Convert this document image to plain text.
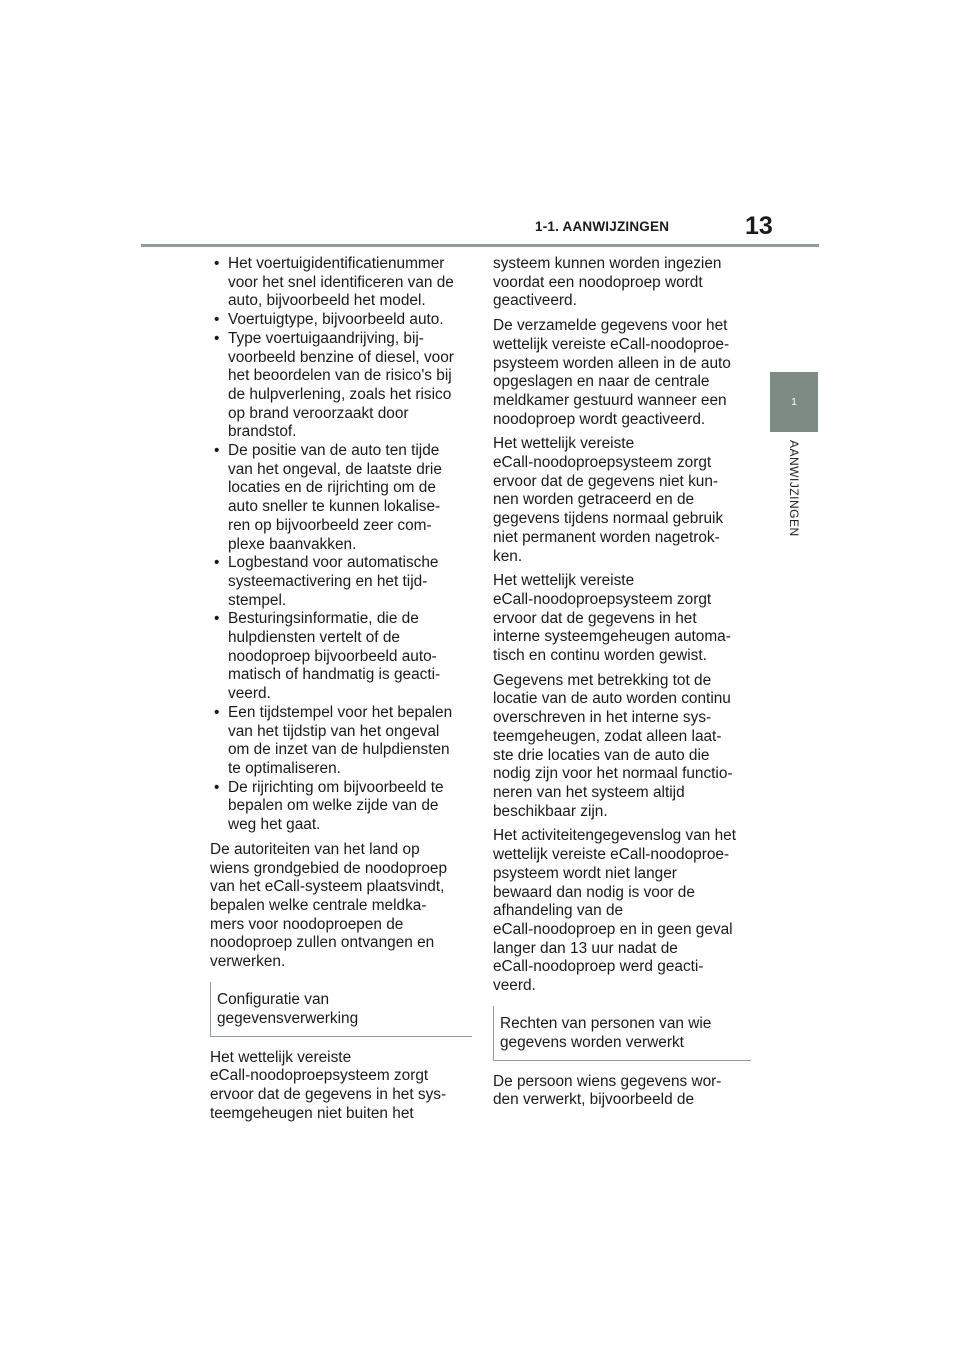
1-1. AANWIJZINGEN	13
1
AANWIJZINGEN
• Het voertuigidentificatienummer
voor het snel identificeren van de
auto, bijvoorbeeld het model.
• Voertuigtype, bijvoorbeeld auto.
• Type voertuigaandrijving, bij-
voorbeeld benzine of diesel, voor
het beoordelen van de risico's bij
de hulpverlening, zoals het risico
op brand veroorzaakt door
brandstof.
• De positie van de auto ten tijde
van het ongeval, de laatste drie
locaties en de rijrichting om de
auto sneller te kunnen lokalise-
ren op bijvoorbeeld zeer com-
plexe baanvakken.
• Logbestand voor automatische
systeemactivering en het tijd-
stempel.
• Besturingsinformatie, die de
hulpdiensten vertelt of de
noodoproep bijvoorbeeld auto-
matisch of handmatig is geacti-
veerd.
• Een tijdstempel voor het bepalen
van het tijdstip van het ongeval
om de inzet van de hulpdiensten
te optimaliseren.
• De rijrichting om bijvoorbeeld te
bepalen om welke zijde van de
weg het gaat.

De autoriteiten van het land op
wiens grondgebied de noodoproep
van het eCall-systeem plaatsvindt,
bepalen welke centrale meldka-
mers voor noodoproepen de
noodoproep zullen ontvangen en
verwerken.

Configuratie van
gegevensverwerking

Het wettelijk vereiste
eCall-noodoproepsysteem zorgt
ervoor dat de gegevens in het sys-
teemgeheugen niet buiten het

systeem kunnen worden ingezien
voordat een noodoproep wordt
geactiveerd.

De verzamelde gegevens voor het
wettelijk vereiste eCall-noodoproe-
psysteem worden alleen in de auto
opgeslagen en naar de centrale
meldkamer gestuurd wanneer een
noodoproep wordt geactiveerd.

Het wettelijk vereiste
eCall-noodoproepsysteem zorgt
ervoor dat de gegevens niet kun-
nen worden getraceerd en de
gegevens tijdens normaal gebruik
niet permanent worden nagetrok-
ken.

Het wettelijk vereiste
eCall-noodoproepsysteem zorgt
ervoor dat de gegevens in het
interne systeemgeheugen automa-
tisch en continu worden gewist.

Gegevens met betrekking tot de
locatie van de auto worden continu
overschreven in het interne sys-
teemgeheugen, zodat alleen laat-
ste drie locaties van de auto die
nodig zijn voor het normaal functio-
neren van het systeem altijd
beschikbaar zijn.

Het activiteitengegevenslog van het
wettelijk vereiste eCall-noodoproe-
psysteem wordt niet langer
bewaard dan nodig is voor de
afhandeling van de
eCall-noodoproep en in geen geval
langer dan 13 uur nadat de
eCall-noodoproep werd geacti-
veerd.

Rechten van personen van wie
gegevens worden verwerkt

De persoon wiens gegevens wor-
den verwerkt, bijvoorbeeld de
